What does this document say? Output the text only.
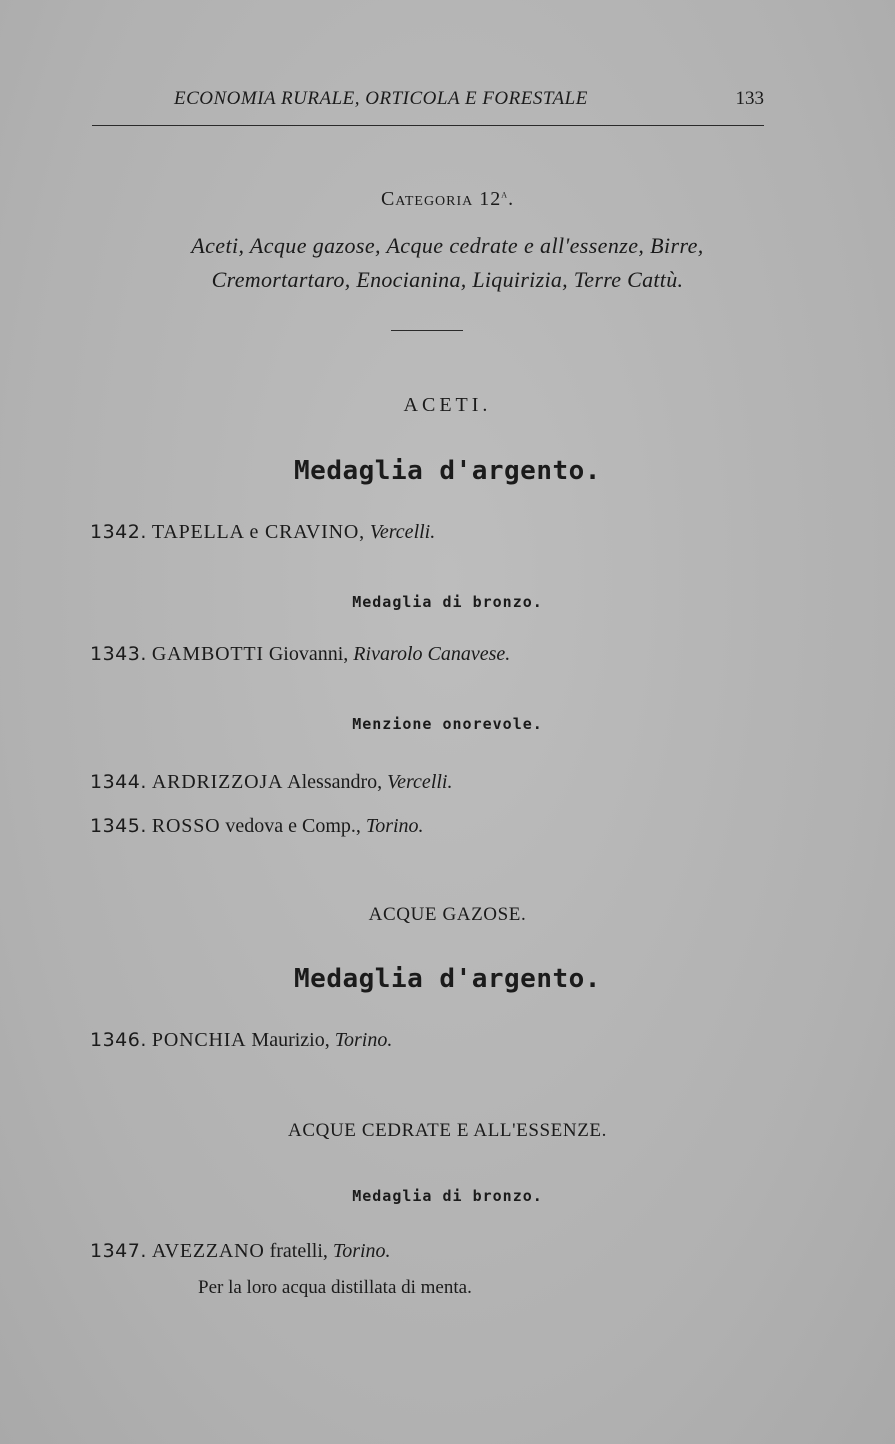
ECONOMIA RURALE, ORTICOLA E FORESTALE	133
Categoria 12$^a$.
Aceti, Acque gazose, Acque cedrate e all'essenze, Birre,
Cremortartaro, Enocianina, Liquirizia, Terre Cattù.
ACETI.
Medaglia d'argento.
1342. TAPELLA e CRAVINO, Vercelli.
Medaglia di bronzo.
1343. GAMBOTTI Giovanni, Rivarolo Canavese.
Menzione onorevole.
1344. ARDRIZZOJA Alessandro, Vercelli.
1345. ROSSO vedova e Comp., Torino.
ACQUE GAZOSE.
Medaglia d'argento.
1346. PONCHIA Maurizio, Torino.
ACQUE CEDRATE E ALL'ESSENZE.
Medaglia di bronzo.
1347. AVEZZANO fratelli, Torino.
Per la loro acqua distillata di menta.
